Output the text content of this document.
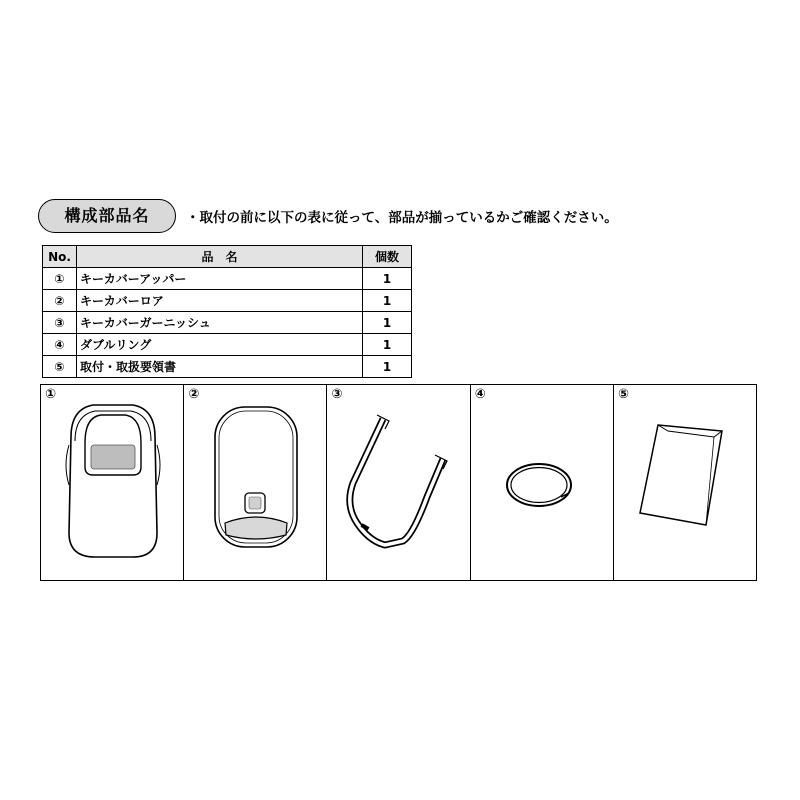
構成部品名	・取付の前に以下の表に従って、部品が揃っているかご確認ください。
No.	品　名	個数
①	キーカバーアッパー	1
②	キーカバーロア	1
③	キーカバーガーニッシュ	1
④	ダブルリング	1
⑤	取付・取扱要領書	1
①	②	③	④	⑤
